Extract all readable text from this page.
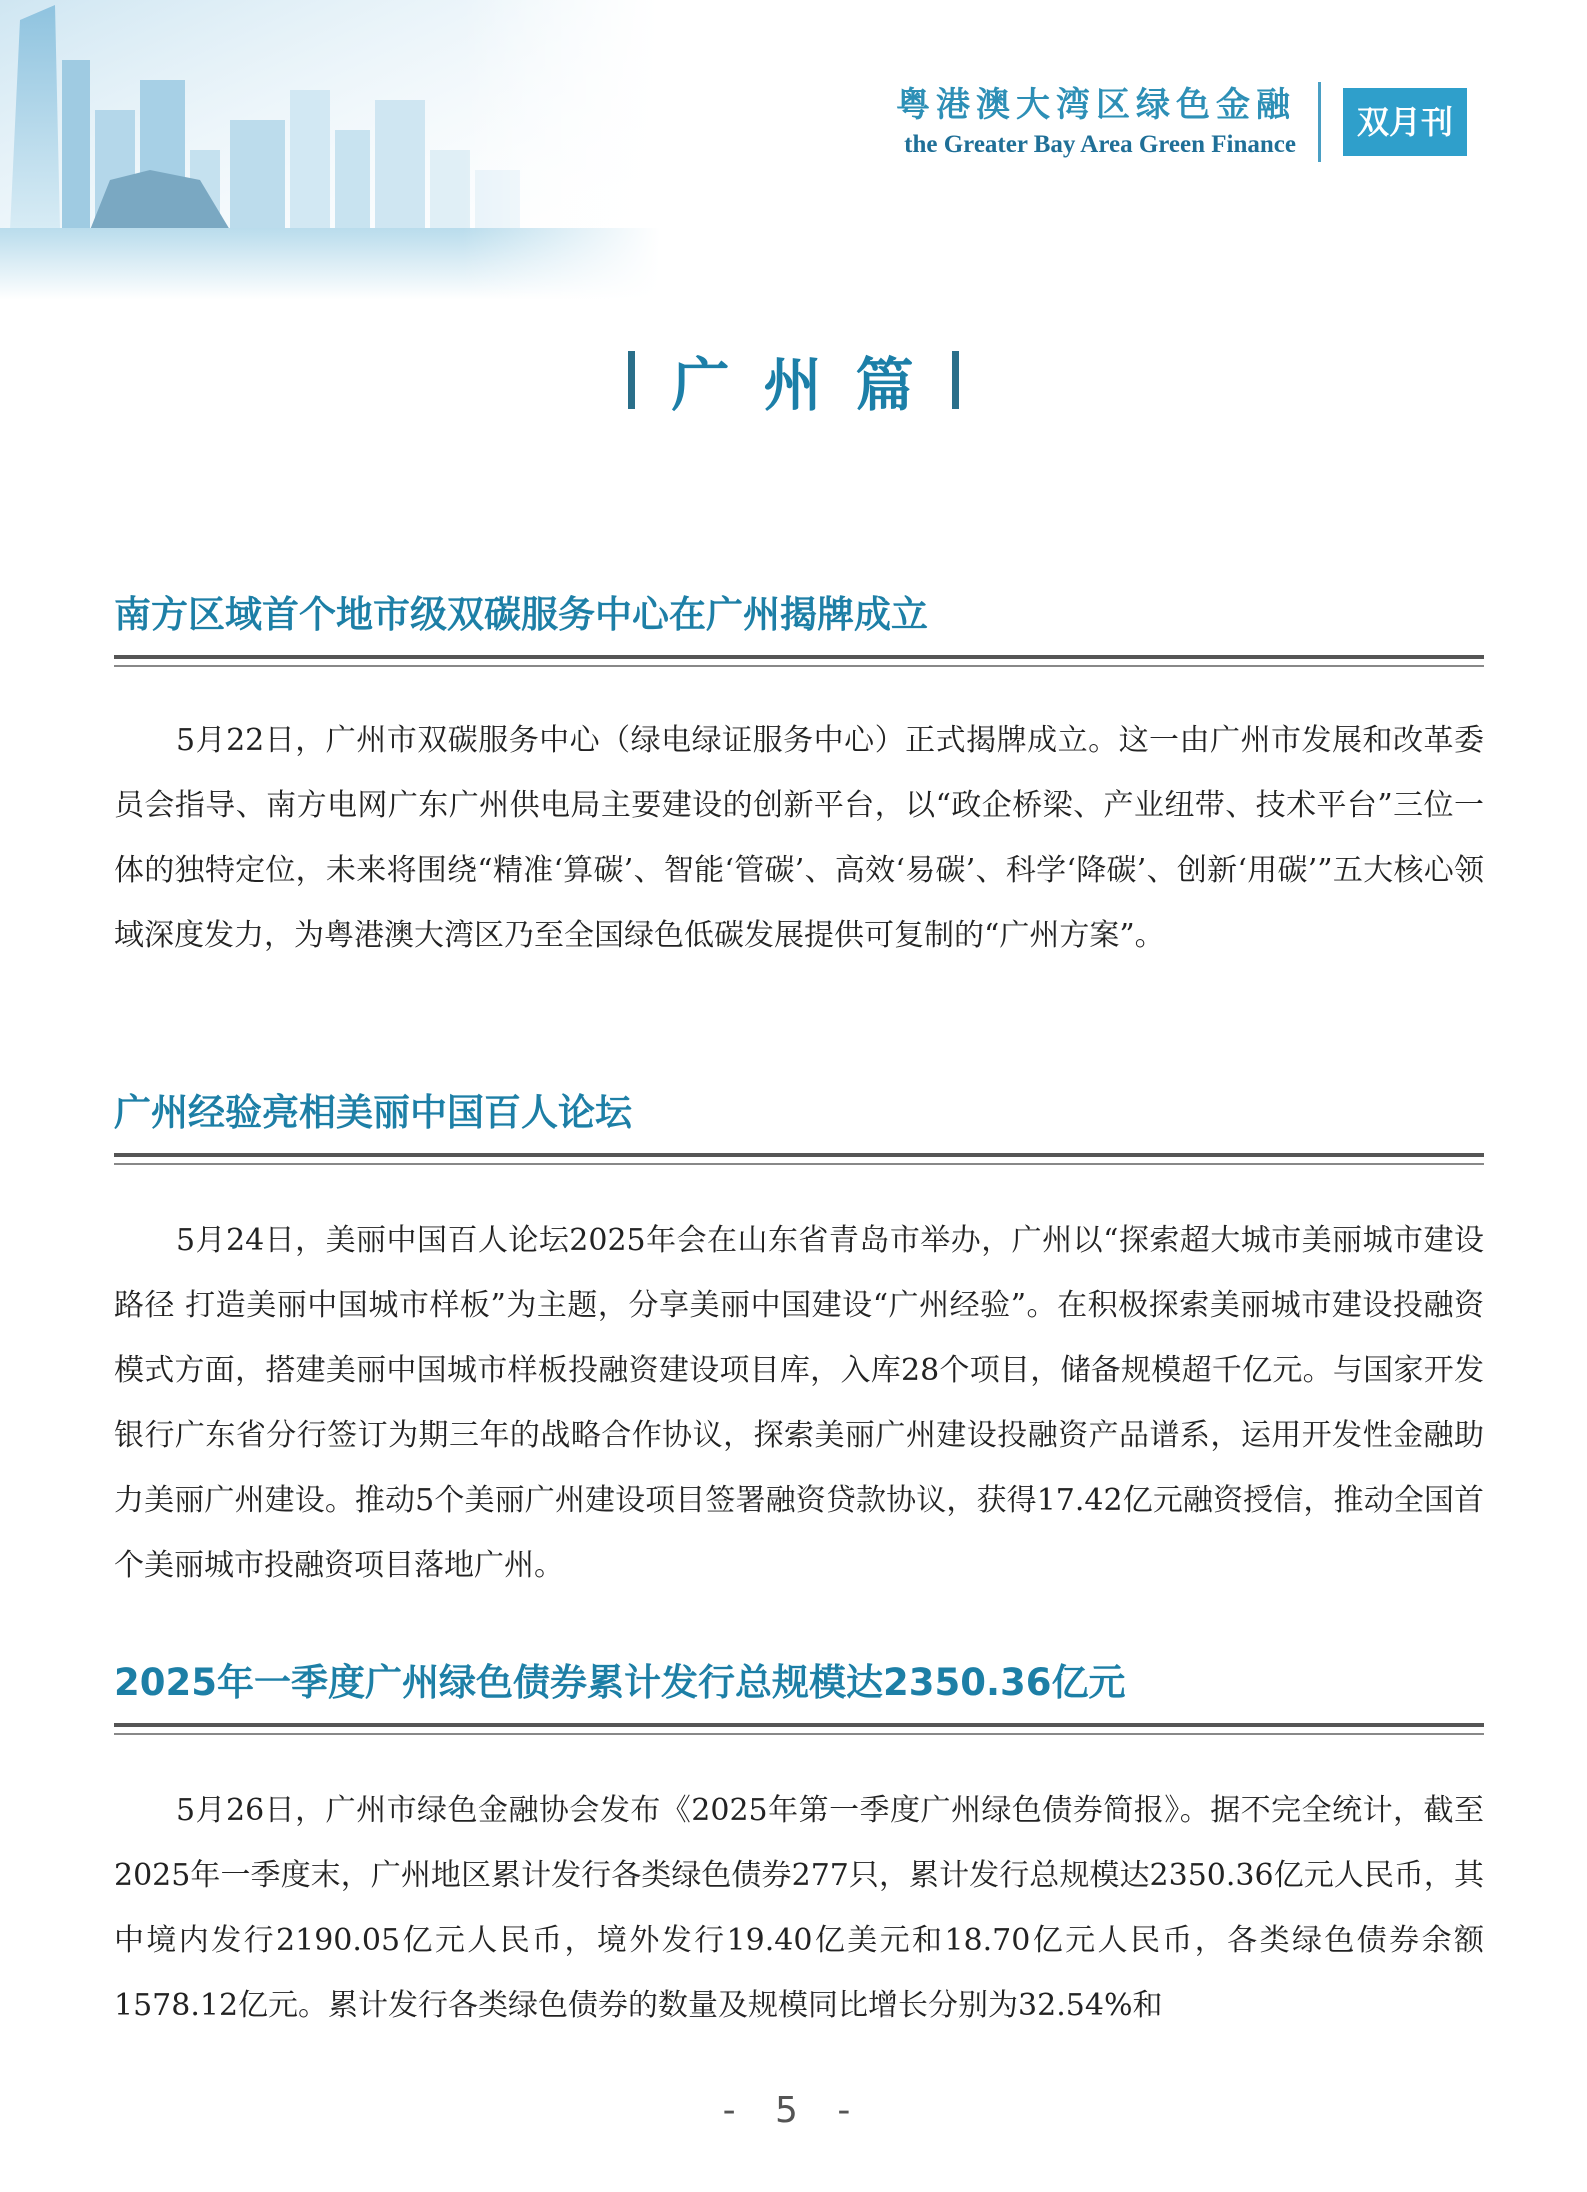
粤港澳大湾区绿色金融
the Greater Bay Area Green Finance
双月刊
广州篇
南方区域首个地市级双碳服务中心在广州揭牌成立
5月22日，广州市双碳服务中心（绿电绿证服务中心）正式揭牌成立。这一由广州市发展和改革委员会指导、南方电网广东广州供电局主要建设的创新平台，以“政企桥梁、产业纽带、技术平台”三位一体的独特定位，未来将围绕“精准‘算碳’、智能‘管碳’、高效‘易碳’、科学‘降碳’、创新‘用碳’”五大核心领域深度发力，为粤港澳大湾区乃至全国绿色低碳发展提供可复制的“广州方案”。
广州经验亮相美丽中国百人论坛
5月24日，美丽中国百人论坛2025年会在山东省青岛市举办，广州以“探索超大城市美丽城市建设路径 打造美丽中国城市样板”为主题，分享美丽中国建设“广州经验”。在积极探索美丽城市建设投融资模式方面，搭建美丽中国城市样板投融资建设项目库，入库28个项目，储备规模超千亿元。与国家开发银行广东省分行签订为期三年的战略合作协议，探索美丽广州建设投融资产品谱系，运用开发性金融助力美丽广州建设。推动5个美丽广州建设项目签署融资贷款协议，获得17.42亿元融资授信，推动全国首个美丽城市投融资项目落地广州。
2025年一季度广州绿色债券累计发行总规模达2350.36亿元
5月26日，广州市绿色金融协会发布《2025年第一季度广州绿色债券简报》。据不完全统计，截至2025年一季度末，广州地区累计发行各类绿色债券277只，累计发行总规模达2350.36亿元人民币，其中境内发行2190.05亿元人民币，境外发行19.40亿美元和18.70亿元人民币，各类绿色债券余额1578.12亿元。累计发行各类绿色债券的数量及规模同比增长分别为32.54%和
- 5 -
